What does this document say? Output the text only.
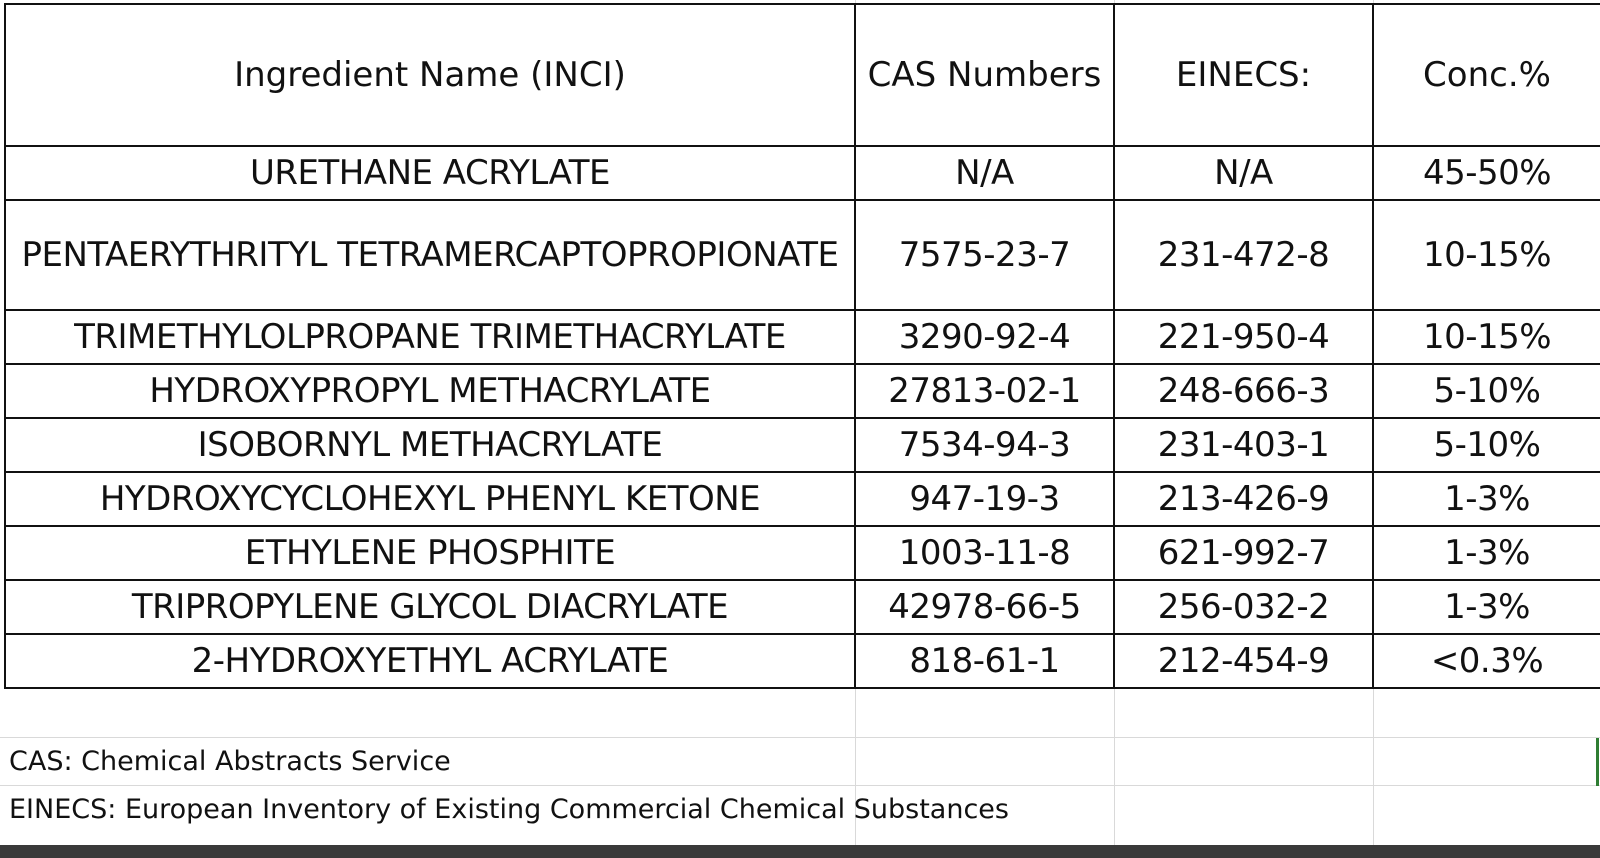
Ingredient Name (INCI)	CAS Numbers	EINECS:	Conc.%
URETHANE ACRYLATE	N/A	N/A	45-50%
PENTAERYTHRITYL TETRAMERCAPTOPROPIONATE	7575-23-7	231-472-8	10-15%
TRIMETHYLOLPROPANE TRIMETHACRYLATE	3290-92-4	221-950-4	10-15%
HYDROXYPROPYL METHACRYLATE	27813-02-1	248-666-3	5-10%
ISOBORNYL METHACRYLATE	7534-94-3	231-403-1	5-10%
HYDROXYCYCLOHEXYL PHENYL KETONE	947-19-3	213-426-9	1-3%
ETHYLENE PHOSPHITE	1003-11-8	621-992-7	1-3%
TRIPROPYLENE GLYCOL DIACRYLATE	42978-66-5	256-032-2	1-3%
2-HYDROXYETHYL ACRYLATE	818-61-1	212-454-9	<0.3%
CAS: Chemical Abstracts Service
EINECS: European Inventory of Existing Commercial Chemical Substances
